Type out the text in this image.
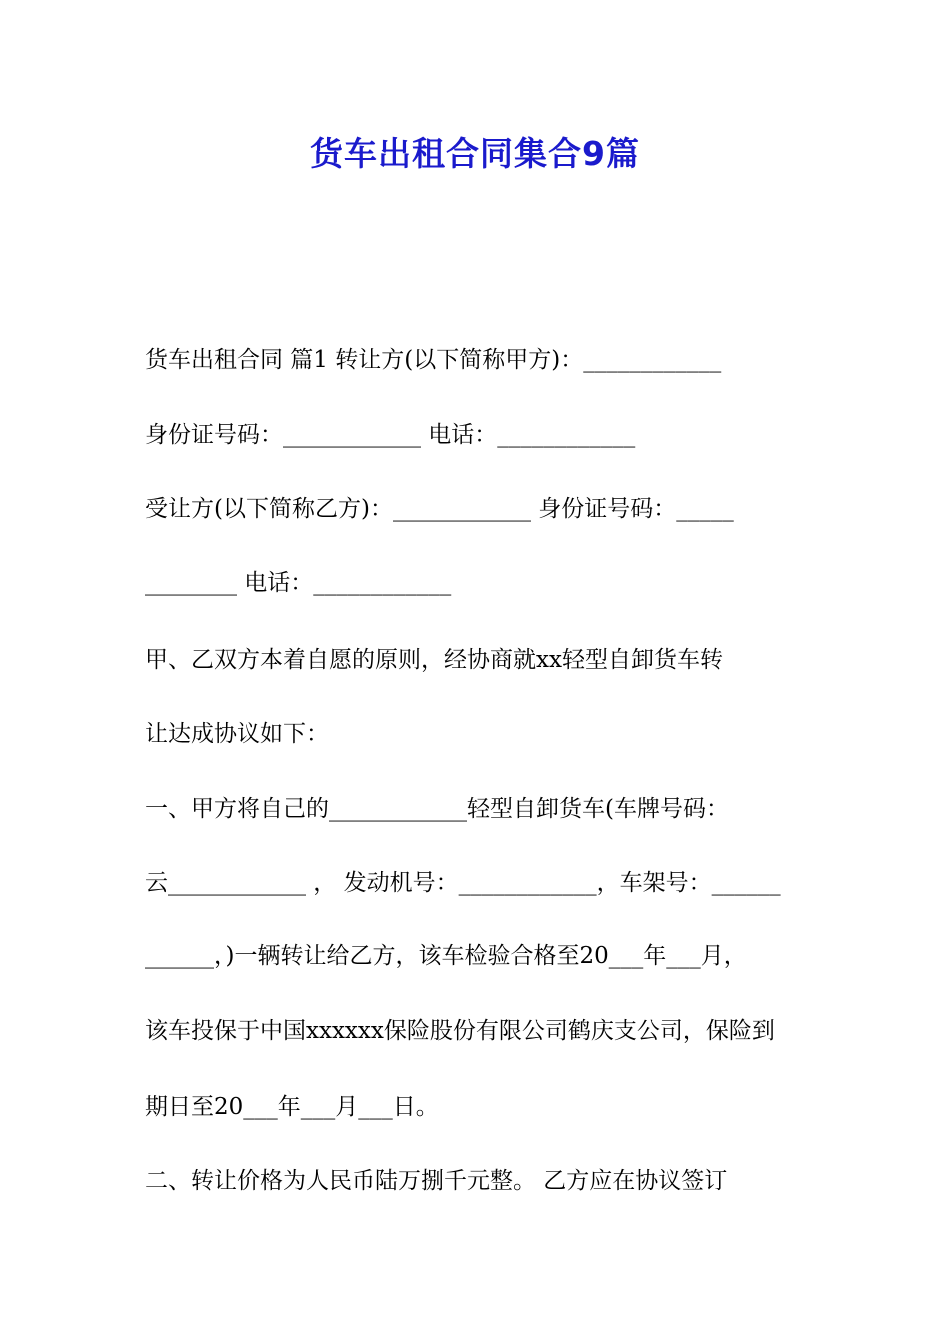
货车出租合同集合9篇
货车出租合同 篇1 转让方(以下简称甲方)：____________
身份证号码：____________ 电话：____________
受让方(以下简称乙方)：____________ 身份证号码：_____
________ 电话：____________
甲、乙双方本着自愿的原则，经协商就xx轻型自卸货车转
让达成协议如下：
一、甲方将自己的____________轻型自卸货车(车牌号码：
云____________ ， 发动机号：____________，车架号：______
______，)一辆转让给乙方，该车检验合格至20___年___月，
该车投保于中国xxxxxx保险股份有限公司鹤庆支公司，保险到
期日至20___年___月___日。
二、转让价格为人民币陆万捌千元整。 乙方应在协议签订
